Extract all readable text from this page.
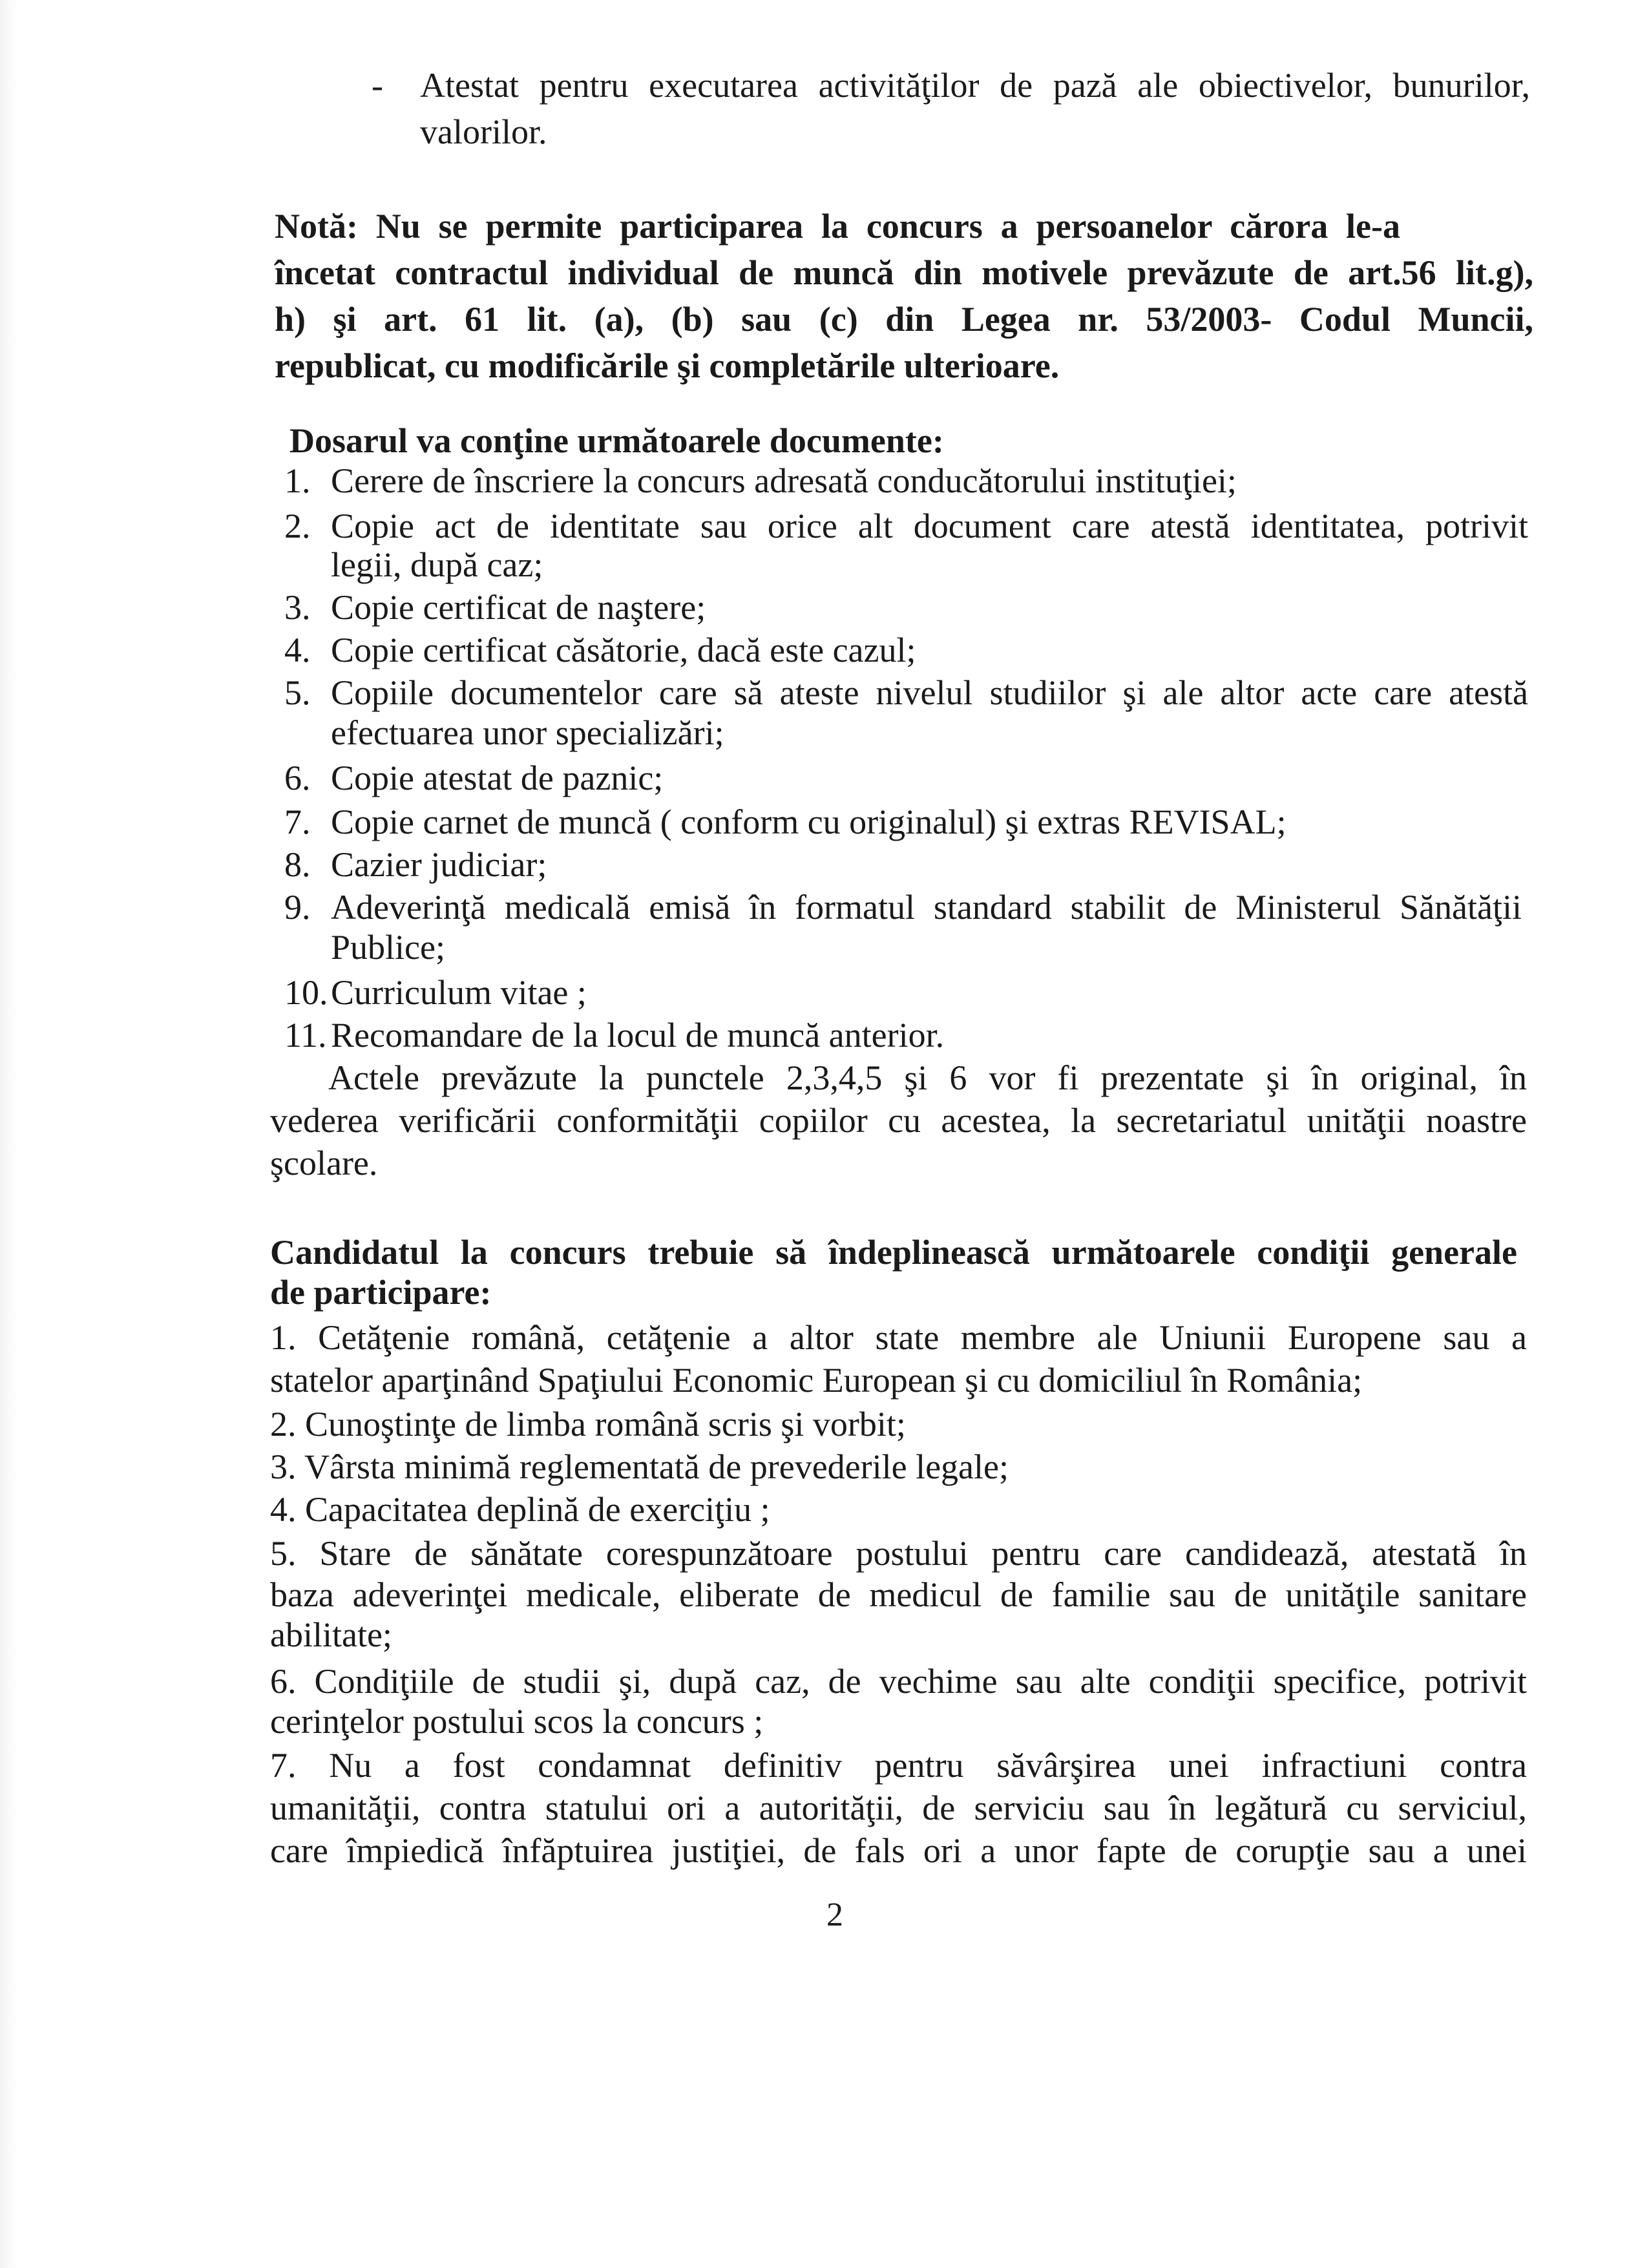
- Atestat pentru executarea activităţilor de pază ale obiectivelor, bunurilor,
valorilor.
Notă: Nu se permite participarea la concurs a persoanelor cărora le-a
încetat contractul individual de muncă din motivele prevăzute de art.56 lit.g),
h) şi art. 61 lit. (a), (b) sau (c) din Legea nr. 53/2003- Codul Muncii,
republicat, cu modificările şi completările ulterioare.
Dosarul va conţine următoarele documente:
1. Cerere de înscriere la concurs adresată conducătorului instituţiei;
2. Copie act de identitate sau orice alt document care atestă identitatea, potrivit
legii, după caz;
3. Copie certificat de naştere;
4. Copie certificat căsătorie, dacă este cazul;
5. Copiile documentelor care să ateste nivelul studiilor şi ale altor acte care atestă
efectuarea unor specializări;
6. Copie atestat de paznic;
7. Copie carnet de muncă ( conform cu originalul) şi extras REVISAL;
8. Cazier judiciar;
9. Adeverinţă medicală emisă în formatul standard stabilit de Ministerul Sănătăţii
Publice;
10. Curriculum vitae ;
11. Recomandare de la locul de muncă anterior.
Actele prevăzute la punctele 2,3,4,5 şi 6 vor fi prezentate şi în original, în
vederea verificării conformităţii copiilor cu acestea, la secretariatul unităţii noastre
şcolare.
Candidatul la concurs trebuie să îndeplinească următoarele condiţii generale
de participare:
1. Cetăţenie română, cetăţenie a altor state membre ale Uniunii Europene sau a
statelor aparţinând Spaţiului Economic European şi cu domiciliul în România;
2. Cunoştinţe de limba română scris şi vorbit;
3. Vârsta minimă reglementată de prevederile legale;
4. Capacitatea deplină de exerciţiu ;
5. Stare de sănătate corespunzătoare postului pentru care candidează, atestată în
baza adeverinţei medicale, eliberate de medicul de familie sau de unităţile sanitare
abilitate;
6. Condiţiile de studii şi, după caz, de vechime sau alte condiţii specifice, potrivit
cerinţelor postului scos la concurs ;
7. Nu a fost condamnat definitiv pentru săvârşirea unei infractiuni contra
umanităţii, contra statului ori a autorităţii, de serviciu sau în legătură cu serviciul,
care împiedică înfăptuirea justiţiei, de fals ori a unor fapte de corupţie sau a unei
2
